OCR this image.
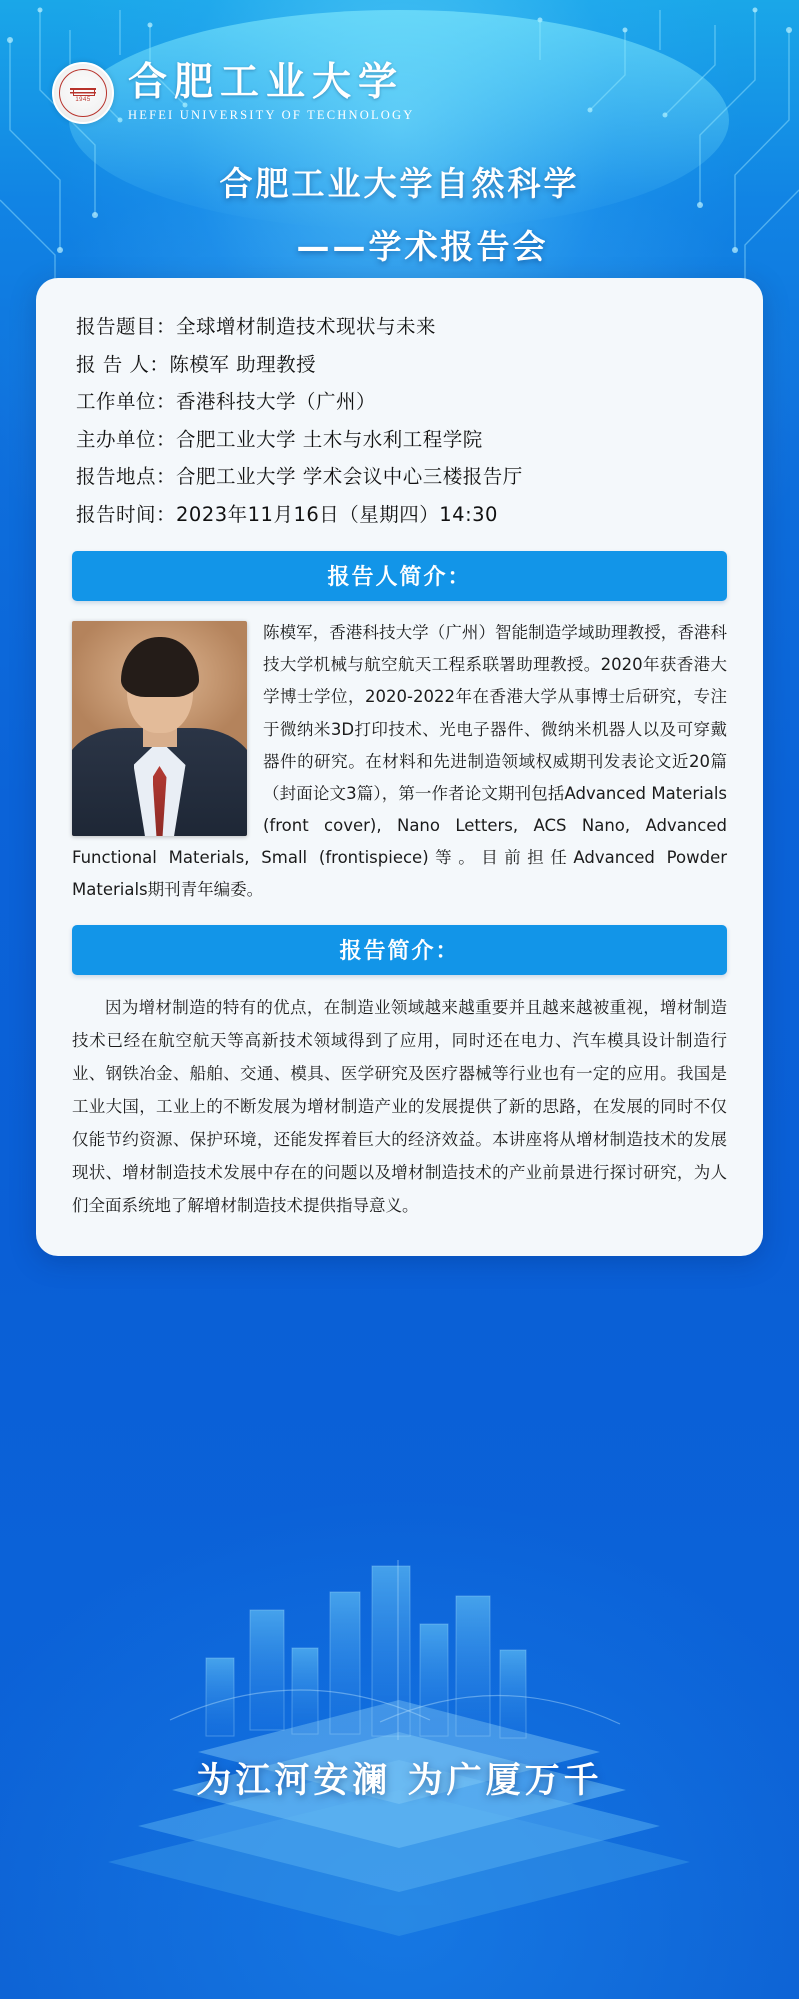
1945 合肥工业大学
HEFEI UNIVERSITY OF TECHNOLOGY
合肥工业大学自然科学
——学术报告会
报告题目：全球增材制造技术现状与未来
报 告 人：陈模军 助理教授
工作单位：香港科技大学（广州）
主办单位：合肥工业大学 土木与水利工程学院
报告地点：合肥工业大学 学术会议中心三楼报告厅
报告时间：2023年11月16日（星期四）14:30
报告人简介：

陈模军，香港科技大学（广州）智能制造学域助理教授，香港科技大学机械与航空航天工程系联署助理教授。2020年获香港大学博士学位，2020-2022年在香港大学从事博士后研究，专注于微纳米3D打印技术、光电子器件、微纳米机器人以及可穿戴器件的研究。在材料和先进制造领域权威期刊发表论文近20篇（封面论文3篇），第一作者论文期刊包括Advanced Materials (front cover), Nano Letters, ACS Nano, Advanced Functional Materials, Small (frontispiece)等。目前担任Advanced Powder Materials期刊青年编委。

报告简介：
因为增材制造的特有的优点，在制造业领域越来越重要并且越来越被重视，增材制造技术已经在航空航天等高新技术领域得到了应用，同时还在电力、汽车模具设计制造行业、钢铁冶金、船舶、交通、模具、医学研究及医疗器械等行业也有一定的应用。我国是工业大国，工业上的不断发展为增材制造产业的发展提供了新的思路，在发展的同时不仅仅能节约资源、保护环境，还能发挥着巨大的经济效益。本讲座将从增材制造技术的发展现状、增材制造技术发展中存在的问题以及增材制造技术的产业前景进行探讨研究，为人们全面系统地了解增材制造技术提供指导意义。
为江河安澜 为广厦万千
